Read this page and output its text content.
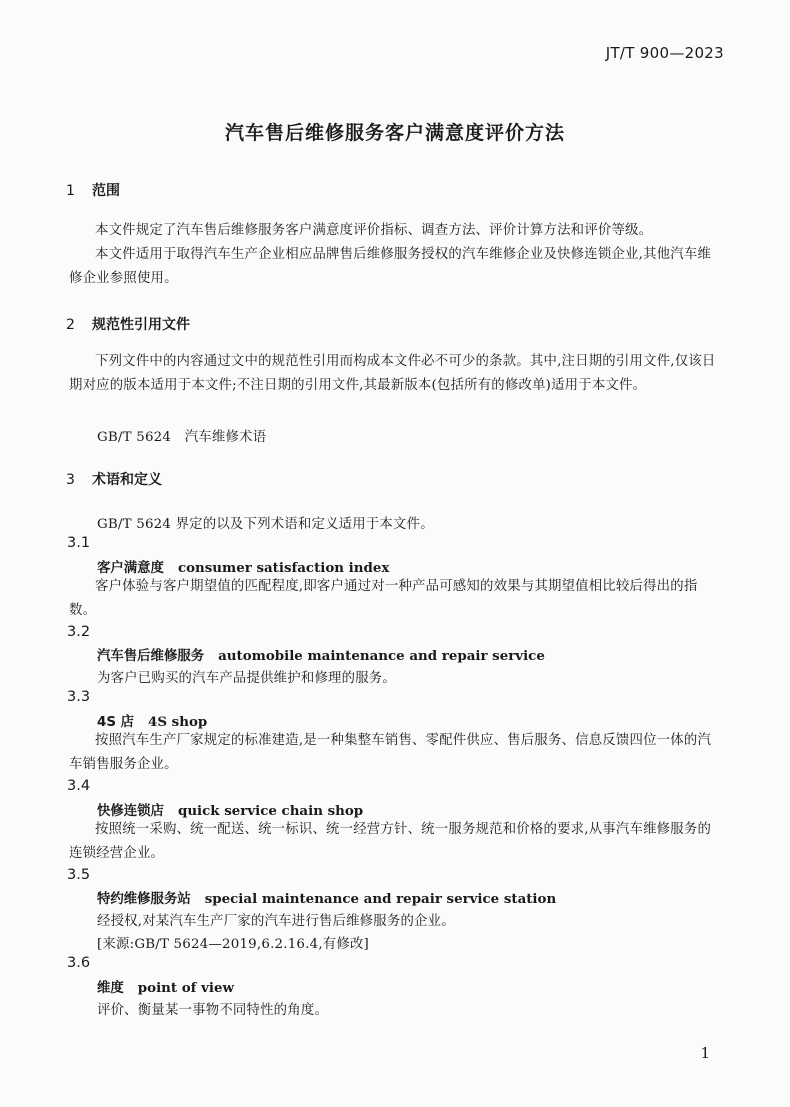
JT/T 900—2023
汽车售后维修服务客户满意度评价方法
1 范围
本文件规定了汽车售后维修服务客户满意度评价指标、调查方法、评价计算方法和评价等级。
本文件适用于取得汽车生产企业相应品牌售后维修服务授权的汽车维修企业及快修连锁企业,其他汽车维修企业参照使用。
2 规范性引用文件
下列文件中的内容通过文中的规范性引用而构成本文件必不可少的条款。其中,注日期的引用文件,仅该日期对应的版本适用于本文件;不注日期的引用文件,其最新版本(包括所有的修改单)适用于本文件。
GB/T 5624　汽车维修术语
3 术语和定义
GB/T 5624 界定的以及下列术语和定义适用于本文件。
3.1
客户满意度 consumer satisfaction index
客户体验与客户期望值的匹配程度,即客户通过对一种产品可感知的效果与其期望值相比较后得出的指数。
3.2
汽车售后维修服务 automobile maintenance and repair service
为客户已购买的汽车产品提供维护和修理的服务。
3.3
4S 店 4S shop
按照汽车生产厂家规定的标准建造,是一种集整车销售、零配件供应、售后服务、信息反馈四位一体的汽车销售服务企业。
3.4
快修连锁店 quick service chain shop
按照统一采购、统一配送、统一标识、统一经营方针、统一服务规范和价格的要求,从事汽车维修服务的连锁经营企业。
3.5
特约维修服务站 special maintenance and repair service station
经授权,对某汽车生产厂家的汽车进行售后维修服务的企业。
[来源:GB/T 5624—2019,6.2.16.4,有修改]
3.6
维度 point of view
评价、衡量某一事物不同特性的角度。
1
